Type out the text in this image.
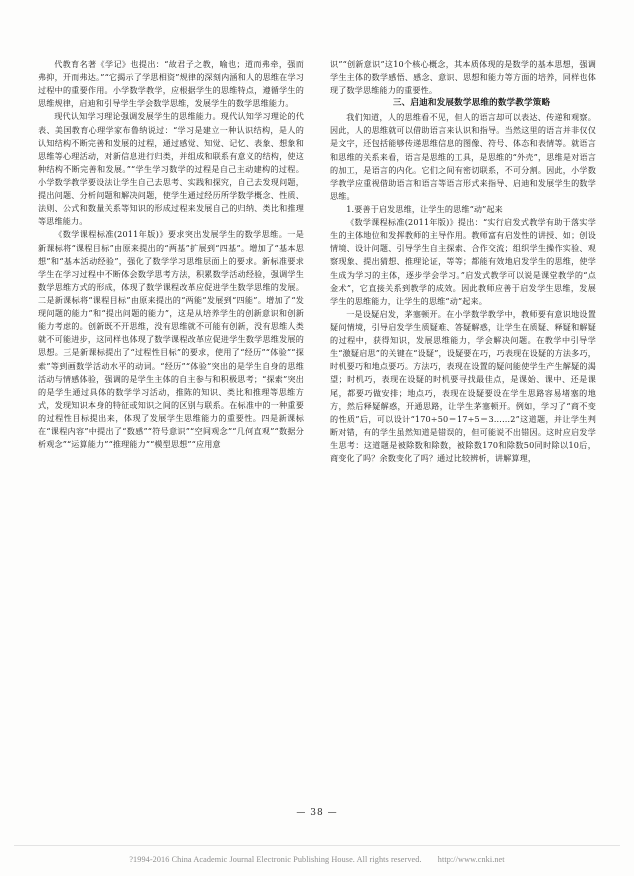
代教育名著《学记》也提出：“故君子之教，喻也；道而弗牵，强而弗抑，开而弗达。”“它揭示了学思相资”规律的深刻内涵和人的思维在学习过程中的重要作用。小学数学教学，应根据学生的思维特点，遵循学生的思维规律，启迪和引导学生学会数学思维，发展学生的数学思维能力。

现代认知学习理论强调发展学生的思维能力。现代认知学习理论的代表、美国教育心理学家布鲁纳说过：“学习是建立一种认识结构，是人的认知结构不断完善和发展的过程，通过感觉、知觉、记忆、表象、想象和思维等心理活动，对新信息进行归类，并组成和联系有意义的结构，使这种结构不断完善和发展。”“学生学习数学的过程是自己主动建构的过程。小学数学教学要设法让学生自己去思考、实践和探究，自己去发现问题，提出问题、分析问题和解决问题，使学生通过经历所学数学概念、性质、法则、公式和数量关系等知识的形成过程来发展自己的归纳、类比和推理等思维能力。

《数学课程标准(2011年版)》要求突出发展学生的数学思维。一是新课标将“课程目标”由原来提出的“两基”扩展到“四基”。增加了“基本思想”和“基本活动经验”，强化了数学学习思维层面上的要求。新标准要求学生在学习过程中不断体会数学思考方法，积累数学活动经验，强调学生数学思维方式的形成，体现了数学课程改革应促进学生数学思维的发展。二是新课标将“课程目标”由原来提出的“两能”发展到“四能”。增加了“发现问题的能力”和“提出问题的能力”，这是从培养学生的创新意识和创新能力考虑的。创新既不开思维，没有思维就不可能有创新，没有思维人类就不可能进步，这同样也体现了数学课程改革应促进学生数学思维发展的思想。三是新课标提出了“过程性目标”的要求，使用了“经历”“体验”“探索”等到画数学活动水平的动词。“经历”“体验”突出的是学生自身的思维活动与情感体验，强调的是学生主体的自主参与和积极思考；“探索”突出的是学生通过具体的数学学习活动，推陈的知识、类比和推理等思维方式，发现知识本身的特征或知识之间的区别与联系。在标准中的一种重要的过程性目标提出来，体现了发展学生思维能力的重要性。四是新课标在“课程内容”中提出了“数感”“符号意识”“空间观念”“几何直观”“数据分析观念”“运算能力”“推理能力”“模型思想”“应用意

识”“创新意识”这10个核心概念，其本质体现的是数学的基本思想，强调学生主体的数学感悟、感念、意识、思想和能力等方面的培养，同样也体现了数学思维能力的重要性。

三、启迪和发展数学思维的数学教学策略

我们知道，人的思维看不见，但人的语言却可以表达、传递和观察。因此，人的思维就可以借助语言来认识和指导。当然这里的语言并非仅仅是文字，还包括能够传递思维信息的图像、符号、体态和表情等。就语言和思维的关系来看，语言是思维的工具，是思维的“外壳”，思维是对语言的加工，是语言的内化。它们之间有密切联系，不可分割。因此，小学数学教学应重视借助语言和语言等语言形式来指导、启迪和发展学生的数学思维。

1.要善于启发思维，让学生的思维“动”起来

《数学课程标准(2011年版)》提出：“实行启发式教学有助于落实学生的主体地位和发挥教师的主导作用。教师富有启发性的讲授、如；创设情境、设计问题、引导学生自主探索、合作交流；组织学生操作实验、观察现象、提出猜想、推理论证，等等；都能有效地启发学生的思维，使学生成为学习的主体，逐步学会学习。”启发式教学可以说是课堂教学的“点金术”，它直接关系到教学的成效。因此教师应善于启发学生思维，发展学生的思维能力，让学生的思维“动”起来。

一是设疑启发，茅塞顿开。在小学数学教学中，教师要有意识地设置疑问情境，引导启发学生质疑难、答疑解惑，让学生在质疑、释疑和解疑的过程中，获得知识，发展思维能力，学会解决问题。在教学中引导学生“激疑启思”的关键在“设疑”，设疑要在巧，巧表现在设疑的方法多巧，时机要巧和地点要巧。方法巧，表现在设置的疑问能使学生产生解疑的渴望；时机巧，表现在设疑的时机要寻找最佳点，是课始、课中、还是课尾，都要巧做安排；地点巧，表现在设疑要设在学生思路容易堵塞的地方，然后释疑解惑，开通思路，让学生茅塞顿开。例如，学习了“商不变的性质”后，可以设计“170÷50＝17÷5＝3……2”这道题，并让学生判断对错，有的学生虽然知道是错误的，但可能说不出错因。这时应启发学生思考：这道题是被除数和除数，被除数170和除数50同时除以10后，商变化了吗？余数变化了吗？通过比较辨析，讲解算理，

— 38 —
?1994-2016 China Academic Journal Electronic Publishing House. All rights reserved. http://www.cnki.net
